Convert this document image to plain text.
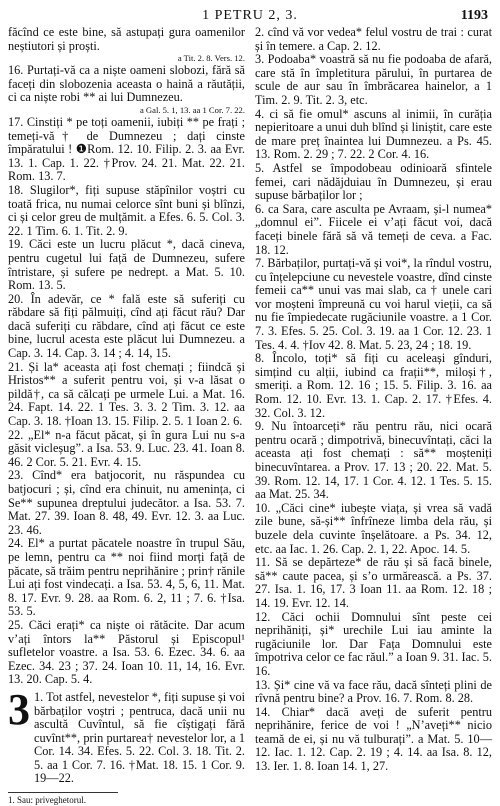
1 PETRU 2, 3.	1193

făcînd ce este bine, să astupați gura oamenilor neștiutori și proști.

a Tit. 2. 8. Vers. 12.

16. Purtați-vă ca a niște oameni slobozi, fără să faceți din slobozenia aceasta o haină a răutății, ci ca niște robi ** ai lui Dumnezeu.

a Gal. 5. 1, 13. aa 1 Cor. 7. 22.

17. Cinstiți * pe toți oamenii, iubiți ** pe frați ; temeți-vă† de Dumnezeu ; dați cinste împăratului ! ❶Rom. 12. 10. Filip. 2. 3. aa Evr. 13. 1. Cap. 1. 22. †Prov. 24. 21. Mat. 22. 21. Rom. 13. 7.

18. Slugilor*, fiți supuse stăpînilor voștri cu toată frica, nu numai celorce sînt buni și blînzi, ci și celor greu de mulțămit. a Efes. 6. 5. Col. 3. 22. 1 Tim. 6. 1. Tit. 2. 9.

19. Căci este un lucru plăcut *, dacă cineva, pentru cugetul lui față de Dumnezeu, sufere întristare, și sufere pe nedrept. a Mat. 5. 10. Rom. 13. 5.

20. În adevăr, ce * fală este să suferiți cu răbdare să fiți pălmuiți, cînd ați făcut rău? Dar dacă suferiți cu răbdare, cînd ați făcut ce este bine, lucrul acesta este plăcut lui Dumnezeu. a Cap. 3. 14. Cap. 3. 14 ; 4. 14, 15.

21. Și la* aceasta ați fost chemați ; fiindcă și Hristos** a suferit pentru voi, și v-a lăsat o pildă†, ca să călcați pe urmele Lui. a Mat. 16. 24. Fapt. 14. 22. 1 Tes. 3. 3. 2 Tim. 3. 12. aa Cap. 3. 18. †Ioan 13. 15. Filip. 2. 5. 1 Ioan 2. 6.

22. „El* n-a făcut păcat, și în gura Lui nu s-a găsit vicleșug”. a Isa. 53. 9. Luc. 23. 41. Ioan 8. 46. 2 Cor. 5. 21. Evr. 4. 15.

23. Cînd* era batjocorit, nu răspundea cu batjocuri ; și, cînd era chinuit, nu amenința, ci Se** supunea dreptului judecător. a Isa. 53. 7. Mat. 27. 39. Ioan 8. 48, 49. Evr. 12. 3. aa Luc. 23. 46.

24. El* a purtat păcatele noastre în trupul Său, pe lemn, pentru ca ** noi fiind morți față de păcate, să trăim pentru neprihănire ; prin† rănile Lui ați fost vindecați. a Isa. 53. 4, 5, 6, 11. Mat. 8. 17. Evr. 9. 28. aa Rom. 6. 2, 11 ; 7. 6. †Isa. 53. 5.

25. Căci erați* ca niște oi rătăcite. Dar acum v’ați întors la** Păstorul și Episcopul¹ sufletelor voastre. a Isa. 53. 6. Ezec. 34. 6. aa Ezec. 34. 23 ; 37. 24. Ioan 10. 11, 14, 16. Evr. 13. 20. Cap. 5. 4.

3 1. Tot astfel, nevestelor *, fiți supuse și voi bărbaților voștri ; pentruca, dacă unii nu ascultă Cuvîntul, să fie cîștigați fără cuvînt**, prin purtarea† nevestelor lor, a 1 Cor. 14. 34. Efes. 5. 22. Col. 3. 18. Tit. 2. 5. aa 1 Cor. 7. 16. †Mat. 18. 15. 1 Cor. 9. 19—22.
1. Sau: priveghetorul.

2. cînd vă vor vedea* felul vostru de trai : curat și în temere. a Cap. 2. 12.

3. Podoaba* voastră să nu fie podoaba de afară, care stă în împletitura părului, în purtarea de scule de aur sau în îmbrăcarea hainelor, a 1 Tim. 2. 9. Tit. 2. 3, etc.

4. ci să fie omul* ascuns al inimii, în curăția nepieritoare a unui duh blînd și liniștit, care este de mare preț înaintea lui Dumnezeu. a Ps. 45. 13. Rom. 2. 29 ; 7. 22. 2 Cor. 4. 16.

5. Astfel se împodobeau odinioară sfintele femei, cari nădăjduiau în Dumnezeu, și erau supuse bărbaților lor ;

6. ca Sara, care asculta pe Avraam, și-l numea* „domnul ei”. Fiicele ei v’ați făcut voi, dacă faceți binele fără să vă temeți de ceva. a Fac. 18. 12.

7. Bărbaților, purtați-vă și voi*, la rîndul vostru, cu înțelepciune cu nevestele voastre, dînd cinste femeii ca** unui vas mai slab, ca † unele cari vor moșteni împreună cu voi harul vieții, ca să nu fie împiedecate rugăciunile voastre. a 1 Cor. 7. 3. Efes. 5. 25. Col. 3. 19. aa 1 Cor. 12. 23. 1 Tes. 4. 4. †Iov 42. 8. Mat. 5. 23, 24 ; 18. 19.

8. Încolo, toți* să fiți cu aceleași gînduri, simțind cu alții, iubind ca frații**, miloși†, smeriți. a Rom. 12. 16 ; 15. 5. Filip. 3. 16. aa Rom. 12. 10. Evr. 13. 1. Cap. 2. 17. †Efes. 4. 32. Col. 3. 12.

9. Nu întoarceți* rău pentru rău, nici ocară pentru ocară ; dimpotrivă, binecuvîntați, căci la aceasta ați fost chemați : să** moșteniți binecuvîntarea. a Prov. 17. 13 ; 20. 22. Mat. 5. 39. Rom. 12. 14, 17. 1 Cor. 4. 12. 1 Tes. 5. 15. aa Mat. 25. 34.

10. „Căci cine* iubește viața, și vrea să vadă zile bune, să-și** înfrîneze limba dela rău, și buzele dela cuvinte înșelătoare. a Ps. 34. 12, etc. aa Iac. 1. 26. Cap. 2. 1, 22. Apoc. 14. 5.

11. Să se depărteze* de rău și să facă binele, să** caute pacea, și s’o urmărească. a Ps. 37. 27. Isa. 1. 16, 17. 3 Ioan 11. aa Rom. 12. 18 ; 14. 19. Evr. 12. 14.

12. Căci ochii Domnului sînt peste cei neprihăniți, și* urechile Lui iau aminte la rugăciunile lor. Dar Fața Domnului este împotriva celor ce fac răul.” a Ioan 9. 31. Iac. 5. 16.

13. Și* cine vă va face rău, dacă sînteți plini de rîvnă pentru bine? a Prov. 16. 7. Rom. 8. 28.

14. Chiar* dacă aveți de suferit pentru neprihănire, ferice de voi ! „N’aveți** nicio teamă de ei, și nu vă tulburați”. a Mat. 5. 10—12. Iac. 1. 12. Cap. 2. 19 ; 4. 14. aa Isa. 8. 12, 13. Ier. 1. 8. Ioan 14. 1, 27.
